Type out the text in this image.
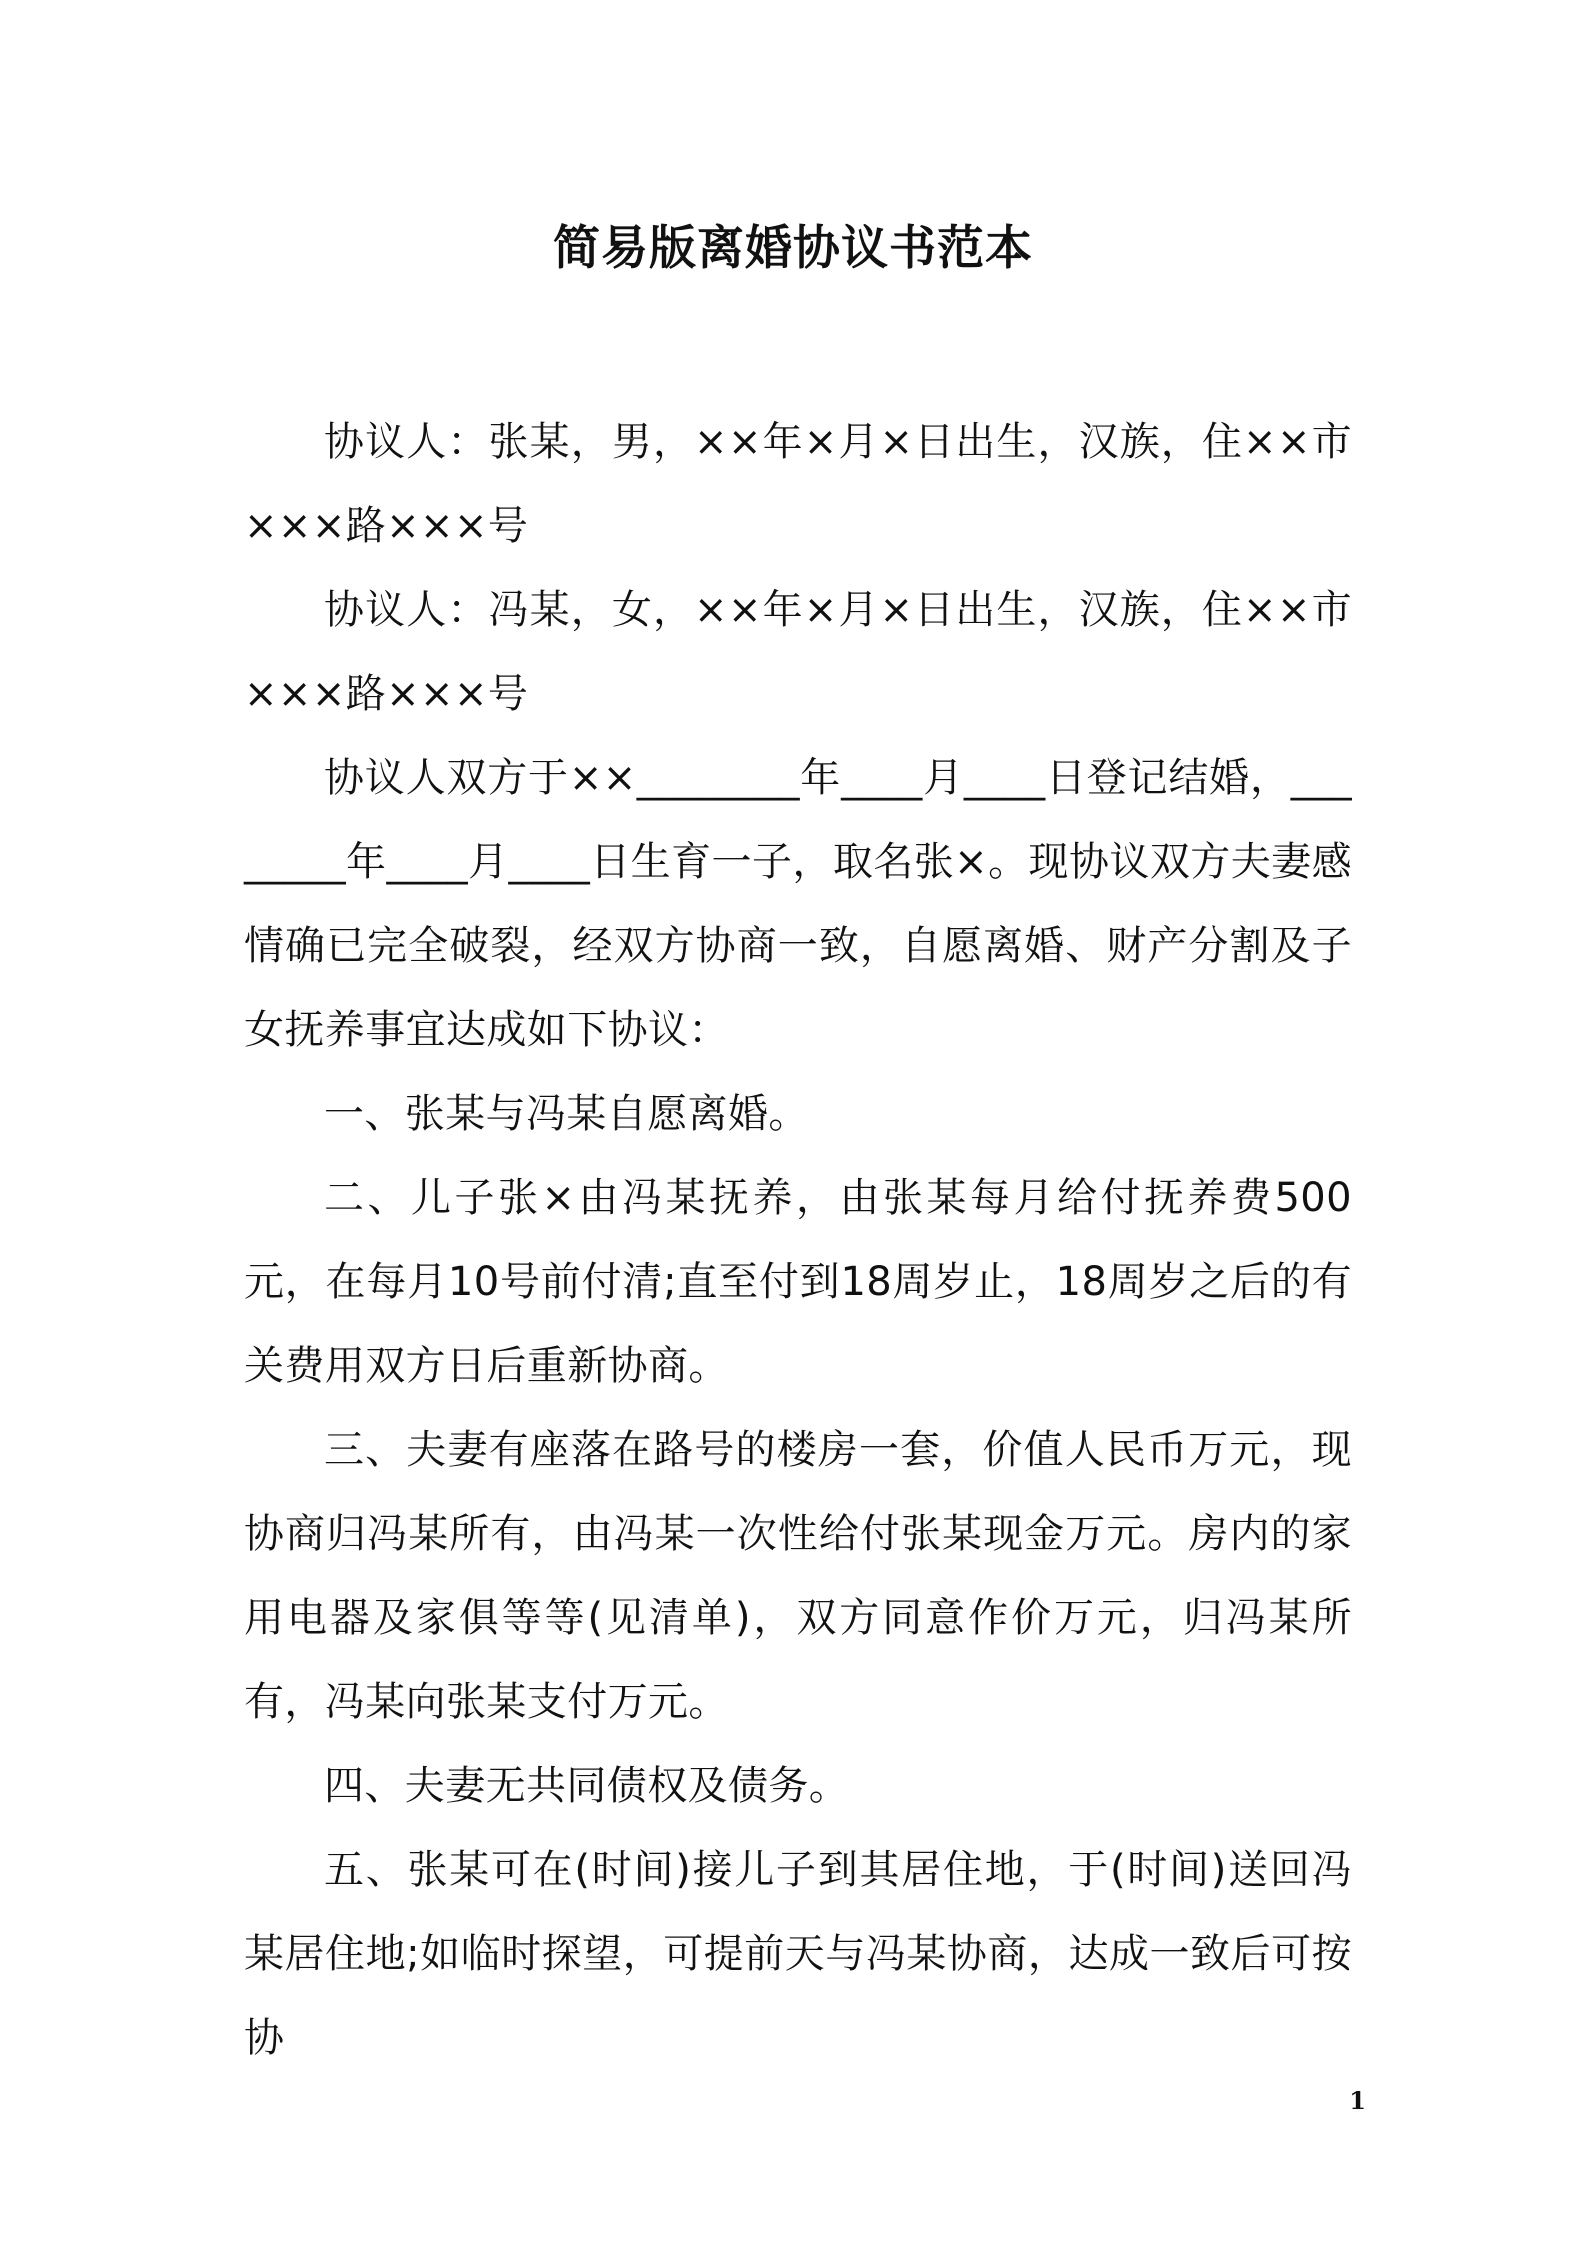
简易版离婚协议书范本

协议人：张某，男，××年×月×日出生，汉族，住××市×××路×××号

协议人：冯某，女，××年×月×日出生，汉族，住××市×××路×××号

协议人双方于××________年____月____日登记结婚，________年____月____日生育一子，取名张×。现协议双方夫妻感情确已完全破裂，经双方协商一致，自愿离婚、财产分割及子女抚养事宜达成如下协议：

一、张某与冯某自愿离婚。

二、儿子张×由冯某抚养，由张某每月给付抚养费500元，在每月10号前付清;直至付到18周岁止，18周岁之后的有关费用双方日后重新协商。

三、夫妻有座落在路号的楼房一套，价值人民币万元，现协商归冯某所有，由冯某一次性给付张某现金万元。房内的家用电器及家俱等等(见清单)，双方同意作价万元，归冯某所有，冯某向张某支付万元。

四、夫妻无共同债权及债务。

五、张某可在(时间)接儿子到其居住地，于(时间)送回冯某居住地;如临时探望，可提前天与冯某协商，达成一致后可按协

1
